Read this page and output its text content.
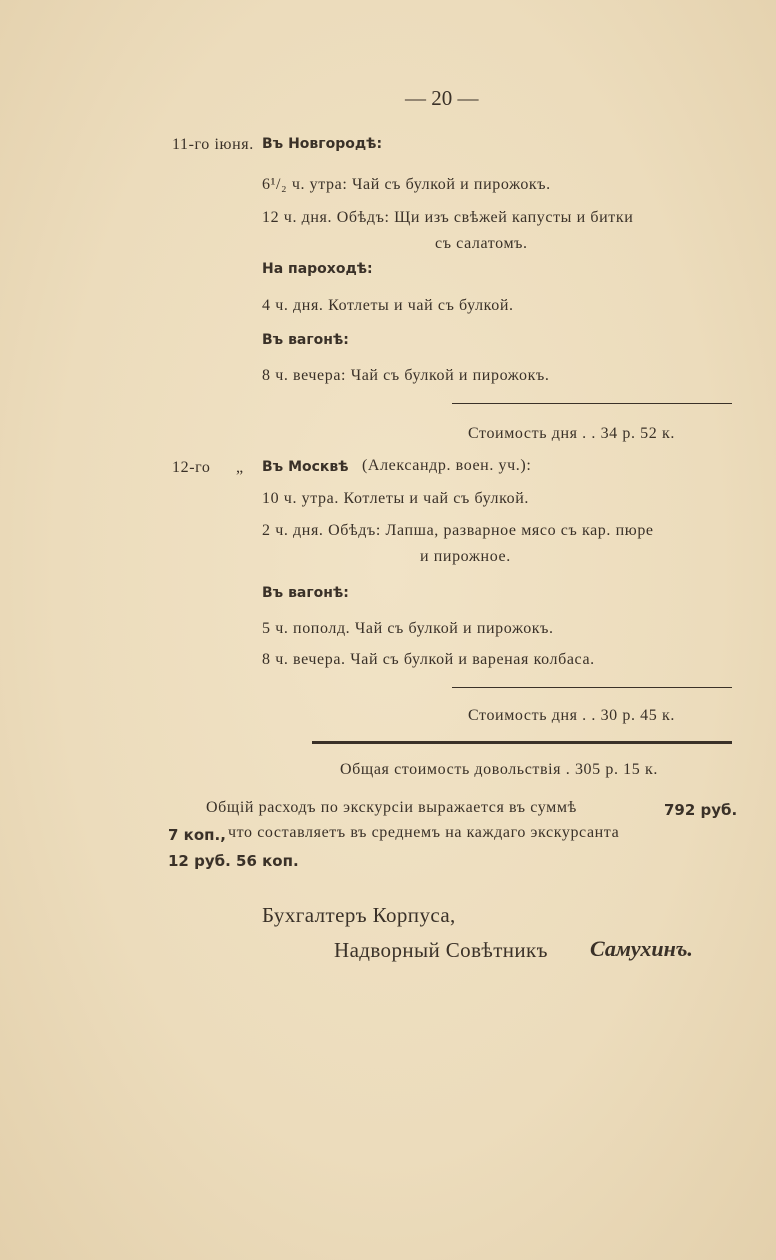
— 20 —
11-го іюня. Въ Новгородѣ:
6¹/₂ ч. утра: Чай съ булкой и пирожокъ.
12 ч. дня. Обѣдъ: Щи изъ свѣжей капусты и битки
съ салатомъ.
На пароходѣ:
4 ч. дня. Котлеты и чай съ булкой.
Въ вагонѣ:
8 ч. вечера: Чай съ булкой и пирожокъ.
Стоимость дня . . 34 р. 52 к.
12-го „ Въ Москвѣ (Александр. воен. уч.):
10 ч. утра. Котлеты и чай съ булкой.
2 ч. дня. Обѣдъ: Лапша, разварное мясо съ кар. пюре
и пирожное.
Въ вагонѣ:
5 ч. пополд. Чай съ булкой и пирожокъ.
8 ч. вечера. Чай съ булкой и вареная колбаса.
Стоимость дня . . 30 р. 45 к.
Общая стоимость довольствія . 305 р. 15 к.
Общій расходъ по экскурсіи выражается въ суммѣ	792 руб.
7 коп., что составляетъ въ среднемъ на каждаго экскурсанта
12 руб. 56 коп.
Бухгалтеръ Корпуса,
Надворный Совѣтникъ Самухинъ.
